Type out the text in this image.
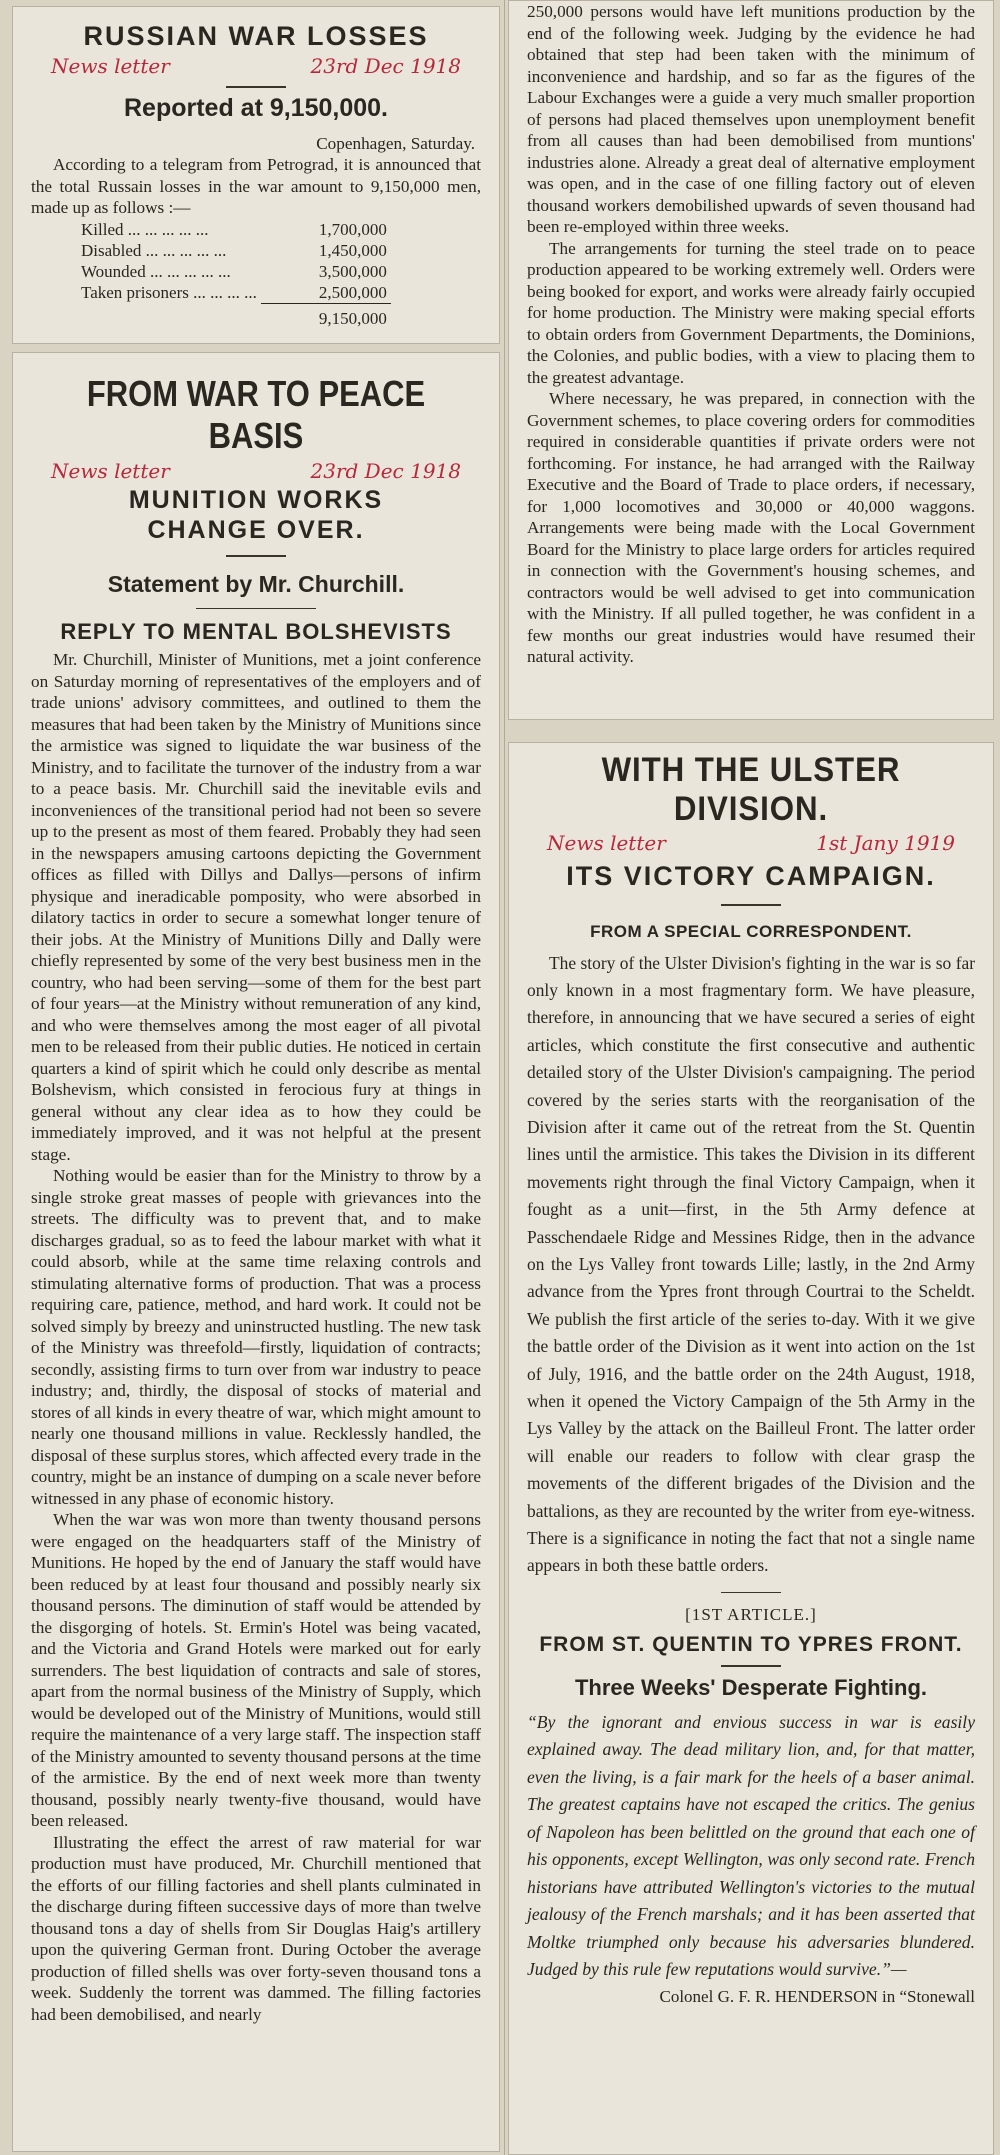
RUSSIAN WAR LOSSES
News letter	23rd Dec 1918
Reported at 9,150,000.
Copenhagen, Saturday.
According to a telegram from Petrograd, it is announced that the total Russain losses in the war amount to 9,150,000 men, made up as follows :—
Killed ... ... ... ... ...	1,700,000
Disabled ... ... ... ... ...	1,450,000
Wounded ... ... ... ... ...	3,500,000
Taken prisoners ... ... ... ...	2,500,000
	9,150,000
FROM WAR TO PEACE BASIS
News letter	23rd Dec 1918
MUNITION WORKS CHANGE OVER.
Statement by Mr. Churchill.
REPLY TO MENTAL BOLSHEVISTS
Mr. Churchill, Minister of Munitions, met a joint conference on Saturday morning of representatives of the employers and of trade unions' advisory committees, and outlined to them the measures that had been taken by the Ministry of Munitions since the armistice was signed to liquidate the war business of the Ministry, and to facilitate the turnover of the industry from a war to a peace basis. Mr. Churchill said the inevitable evils and inconveniences of the transitional period had not been so severe up to the present as most of them feared. Probably they had seen in the newspapers amusing cartoons depicting the Government offices as filled with Dillys and Dallys—persons of infirm physique and ineradicable pomposity, who were absorbed in dilatory tactics in order to secure a somewhat longer tenure of their jobs. At the Ministry of Munitions Dilly and Dally were chiefly represented by some of the very best business men in the country, who had been serving—some of them for the best part of four years—at the Ministry without remuneration of any kind, and who were themselves among the most eager of all pivotal men to be released from their public duties. He noticed in certain quarters a kind of spirit which he could only describe as mental Bolshevism, which consisted in ferocious fury at things in general without any clear idea as to how they could be immediately improved, and it was not helpful at the present stage.
Nothing would be easier than for the Ministry to throw by a single stroke great masses of people with grievances into the streets. The difficulty was to prevent that, and to make discharges gradual, so as to feed the labour market with what it could absorb, while at the same time relaxing controls and stimulating alternative forms of production. That was a process requiring care, patience, method, and hard work. It could not be solved simply by breezy and uninstructed hustling. The new task of the Ministry was threefold—firstly, liquidation of contracts; secondly, assisting firms to turn over from war industry to peace industry; and, thirdly, the disposal of stocks of material and stores of all kinds in every theatre of war, which might amount to nearly one thousand millions in value. Recklessly handled, the disposal of these surplus stores, which affected every trade in the country, might be an instance of dumping on a scale never before witnessed in any phase of economic history.
When the war was won more than twenty thousand persons were engaged on the headquarters staff of the Ministry of Munitions. He hoped by the end of January the staff would have been reduced by at least four thousand and possibly nearly six thousand persons. The diminution of staff would be attended by the disgorging of hotels. St. Ermin's Hotel was being vacated, and the Victoria and Grand Hotels were marked out for early surrenders. The best liquidation of contracts and sale of stores, apart from the normal business of the Ministry of Supply, which would be developed out of the Ministry of Munitions, would still require the maintenance of a very large staff. The inspection staff of the Ministry amounted to seventy thousand persons at the time of the armistice. By the end of next week more than twenty thousand, possibly nearly twenty-five thousand, would have been released.
Illustrating the effect the arrest of raw material for war production must have produced, Mr. Churchill mentioned that the efforts of our filling factories and shell plants culminated in the discharge during fifteen successive days of more than twelve thousand tons a day of shells from Sir Douglas Haig's artillery upon the quivering German front. During October the average production of filled shells was over forty-seven thousand tons a week. Suddenly the torrent was dammed. The filling factories had been demobilised, and nearly
250,000 persons would have left munitions production by the end of the following week. Judging by the evidence he had obtained that step had been taken with the minimum of inconvenience and hardship, and so far as the figures of the Labour Exchanges were a guide a very much smaller proportion of persons had placed themselves upon unemployment benefit from all causes than had been demobilised from muntions' industries alone. Already a great deal of alternative employment was open, and in the case of one filling factory out of eleven thousand workers demobilished upwards of seven thousand had been re-employed within three weeks.
The arrangements for turning the steel trade on to peace production appeared to be working extremely well. Orders were being booked for export, and works were already fairly occupied for home production. The Ministry were making special efforts to obtain orders from Government Departments, the Dominions, the Colonies, and public bodies, with a view to placing them to the greatest advantage.
Where necessary, he was prepared, in connection with the Government schemes, to place covering orders for commodities required in considerable quantities if private orders were not forthcoming. For instance, he had arranged with the Railway Executive and the Board of Trade to place orders, if necessary, for 1,000 locomotives and 30,000 or 40,000 waggons. Arrangements were being made with the Local Government Board for the Ministry to place large orders for articles required in connection with the Government's housing schemes, and contractors would be well advised to get into communication with the Ministry. If all pulled together, he was confident in a few months our great industries would have resumed their natural activity.
WITH THE ULSTER DIVISION.
News letter	1st Jany 1919
ITS VICTORY CAMPAIGN.
FROM A SPECIAL CORRESPONDENT.
The story of the Ulster Division's fighting in the war is so far only known in a most fragmentary form. We have pleasure, therefore, in announcing that we have secured a series of eight articles, which constitute the first consecutive and authentic detailed story of the Ulster Division's campaigning. The period covered by the series starts with the reorganisation of the Division after it came out of the retreat from the St. Quentin lines until the armistice. This takes the Division in its different movements right through the final Victory Campaign, when it fought as a unit—first, in the 5th Army defence at Passchendaele Ridge and Messines Ridge, then in the advance on the Lys Valley front towards Lille; lastly, in the 2nd Army advance from the Ypres front through Courtrai to the Scheldt. We publish the first article of the series to-day. With it we give the battle order of the Division as it went into action on the 1st of July, 1916, and the battle order on the 24th August, 1918, when it opened the Victory Campaign of the 5th Army in the Lys Valley by the attack on the Bailleul Front. The latter order will enable our readers to follow with clear grasp the movements of the different brigades of the Division and the battalions, as they are recounted by the writer from eye-witness. There is a significance in noting the fact that not a single name appears in both these battle orders.
[1ST ARTICLE.]
FROM ST. QUENTIN TO YPRES FRONT.
Three Weeks' Desperate Fighting.
“By the ignorant and envious success in war is easily explained away. The dead military lion, and, for that matter, even the living, is a fair mark for the heels of a baser animal. The greatest captains have not escaped the critics. The genius of Napoleon has been belittled on the ground that each one of his opponents, except Wellington, was only second rate. French historians have attributed Wellington's victories to the mutual jealousy of the French marshals; and it has been asserted that Moltke triumphed only because his adversaries blundered. Judged by this rule few reputations would survive.”—
Colonel G. F. R. HENDERSON in “Stonewall
